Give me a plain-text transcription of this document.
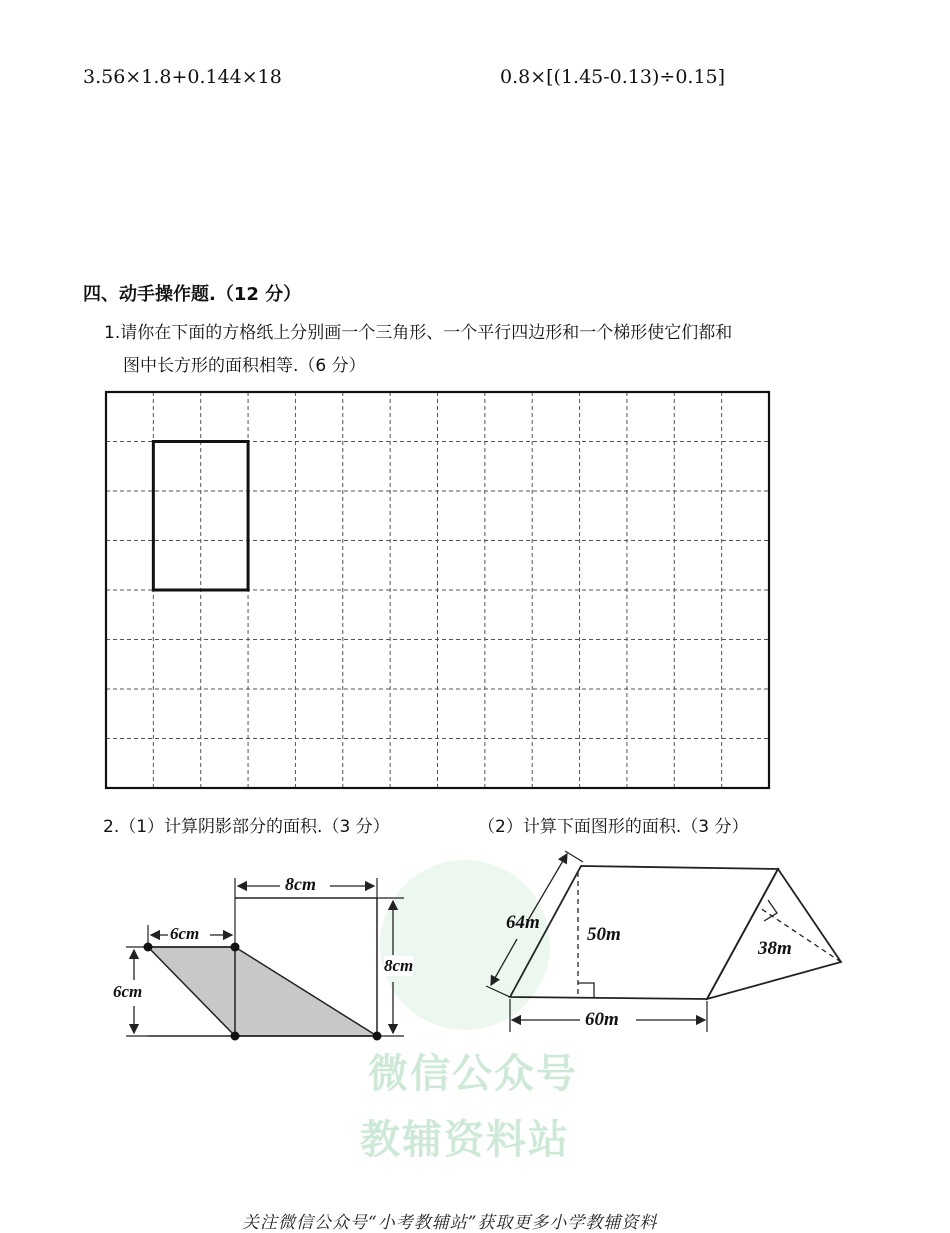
3.56×1.8+0.144×18	0.8×[(1.45-0.13)÷0.15]
四、动手操作题.（12 分）
1.请你在下面的方格纸上分别画一个三角形、一个平行四边形和一个梯形使它们都和
图中长方形的面积相等.（6 分）
2.（1）计算阴影部分的面积.（3 分）	（2）计算下面图形的面积.（3 分）
微信公众号
教辅资料站
8cm
6cm
6cm
8cm
64m
50m
60m
38m
关注微信公众号“小考教辅站”获取更多小学教辅资料
